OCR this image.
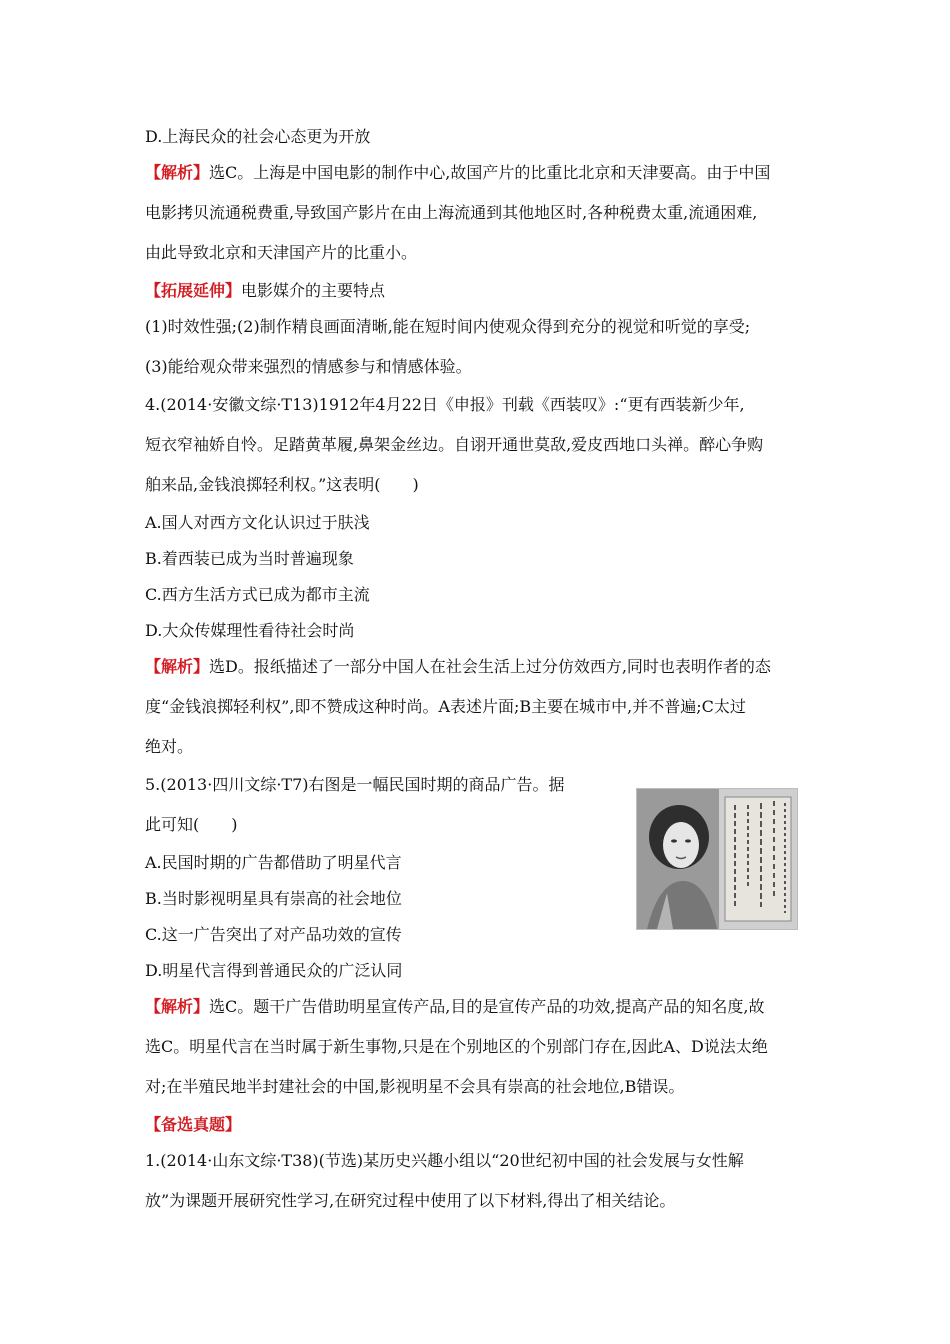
D.上海民众的社会心态更为开放
【解析】选C。上海是中国电影的制作中心,故国产片的比重比北京和天津要高。由于中国
电影拷贝流通税费重,导致国产影片在由上海流通到其他地区时,各种税费太重,流通困难,
由此导致北京和天津国产片的比重小。
【拓展延伸】电影媒介的主要特点
(1)时效性强;(2)制作精良画面清晰,能在短时间内使观众得到充分的视觉和听觉的享受;
(3)能给观众带来强烈的情感参与和情感体验。
4.(2014·安徽文综·T13)1912年4月22日《申报》刊载《西装叹》:“更有西装新少年,
短衣窄袖娇自怜。足踏黄革履,鼻架金丝边。自诩开通世莫敌,爱皮西地口头禅。醉心争购
舶来品,金钱浪掷轻利权。”这表明(　　)
A.国人对西方文化认识过于肤浅
B.着西装已成为当时普遍现象
C.西方生活方式已成为都市主流
D.大众传媒理性看待社会时尚
【解析】选D。报纸描述了一部分中国人在社会生活上过分仿效西方,同时也表明作者的态
度“金钱浪掷轻利权”,即不赞成这种时尚。A表述片面;B主要在城市中,并不普遍;C太过
绝对。
5.(2013·四川文综·T7)右图是一幅民国时期的商品广告。据
此可知(　　)
A.民国时期的广告都借助了明星代言
B.当时影视明星具有崇高的社会地位
C.这一广告突出了对产品功效的宣传
D.明星代言得到普通民众的广泛认同
【解析】选C。题干广告借助明星宣传产品,目的是宣传产品的功效,提高产品的知名度,故
选C。明星代言在当时属于新生事物,只是在个别地区的个别部门存在,因此A、D说法太绝
对;在半殖民地半封建社会的中国,影视明星不会具有崇高的社会地位,B错误。
【备选真题】
1.(2014·山东文综·T38)(节选)某历史兴趣小组以“20世纪初中国的社会发展与女性解
放”为课题开展研究性学习,在研究过程中使用了以下材料,得出了相关结论。
